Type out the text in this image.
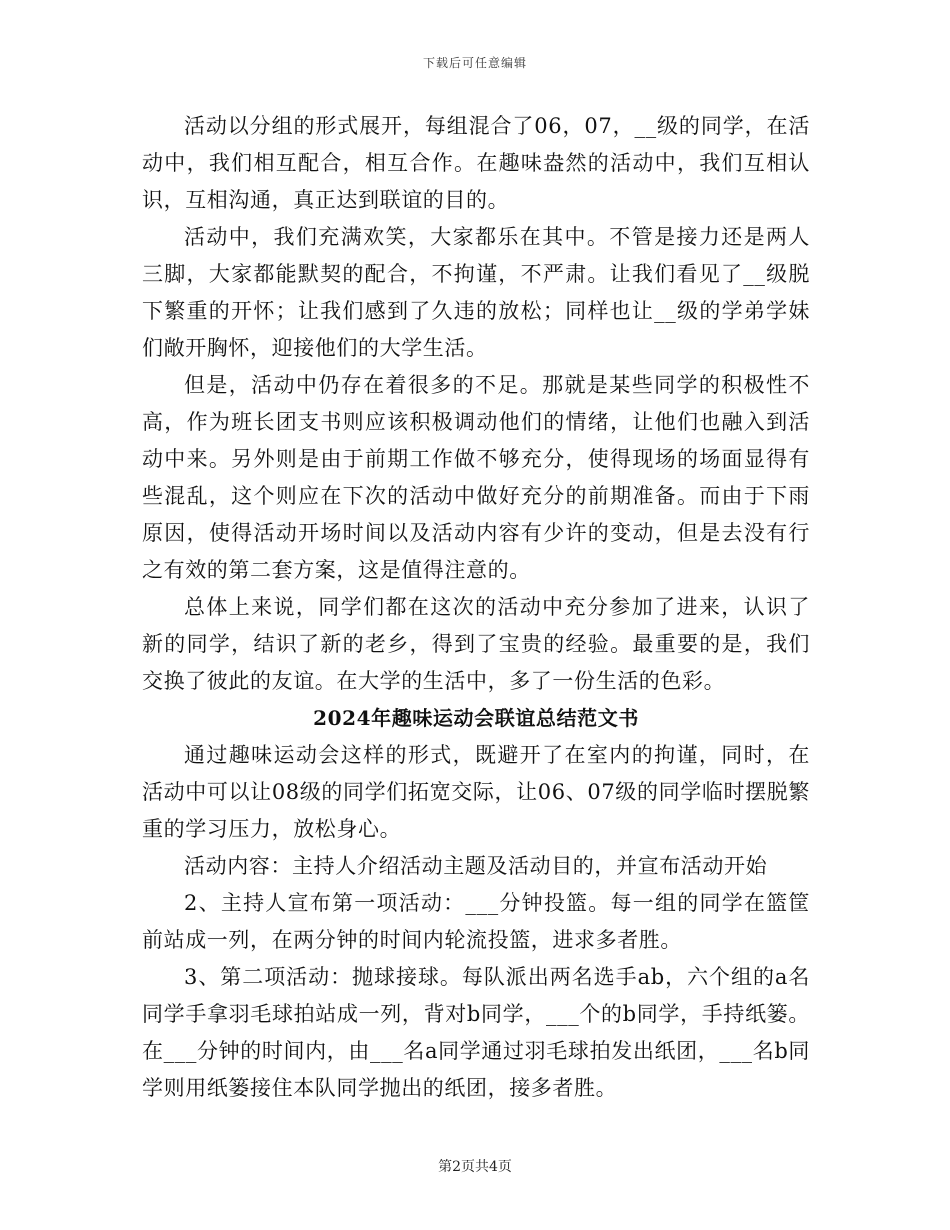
下载后可任意编辑

活动以分组的形式展开，每组混合了06，07，__级的同学，在活动中，我们相互配合，相互合作。在趣味盎然的活动中，我们互相认识，互相沟通，真正达到联谊的目的。

活动中，我们充满欢笑，大家都乐在其中。不管是接力还是两人三脚，大家都能默契的配合，不拘谨，不严肃。让我们看见了__级脱下繁重的开怀；让我们感到了久违的放松；同样也让__级的学弟学妹们敞开胸怀，迎接他们的大学生活。

但是，活动中仍存在着很多的不足。那就是某些同学的积极性不高，作为班长团支书则应该积极调动他们的情绪，让他们也融入到活动中来。另外则是由于前期工作做不够充分，使得现场的场面显得有些混乱，这个则应在下次的活动中做好充分的前期准备。而由于下雨原因，使得活动开场时间以及活动内容有少许的变动，但是去没有行之有效的第二套方案，这是值得注意的。

总体上来说，同学们都在这次的活动中充分参加了进来，认识了新的同学，结识了新的老乡，得到了宝贵的经验。最重要的是，我们交换了彼此的友谊。在大学的生活中，多了一份生活的色彩。

2024年趣味运动会联谊总结范文书

通过趣味运动会这样的形式，既避开了在室内的拘谨，同时，在活动中可以让08级的同学们拓宽交际，让06、07级的同学临时摆脱繁重的学习压力，放松身心。

活动内容：主持人介绍活动主题及活动目的，并宣布活动开始

2、主持人宣布第一项活动：___分钟投篮。每一组的同学在篮筐前站成一列，在两分钟的时间内轮流投篮，进求多者胜。

3、第二项活动：抛球接球。每队派出两名选手ab，六个组的a名同学手拿羽毛球拍站成一列，背对b同学，___个的b同学，手持纸篓。在___分钟的时间内，由___名a同学通过羽毛球拍发出纸团，___名b同学则用纸篓接住本队同学抛出的纸团，接多者胜。

第2页共4页
